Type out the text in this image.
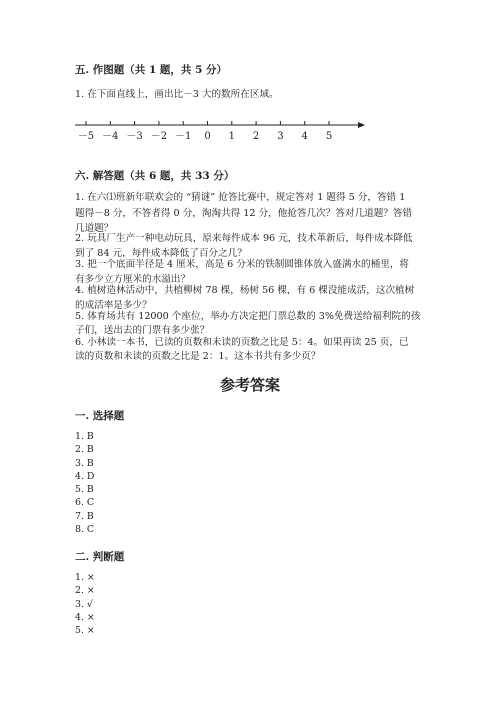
五. 作图题（共 1 题，共 5 分）

1. 在下面直线上，画出比－3 大的数所在区域。

－5 －4 －3 －2 －1 0 1 2 3 4 5

六. 解答题（共 6 题，共 33 分）

1. 在六⑴班新年联欢会的 “猜谜” 抢答比赛中，规定答对 1 题得 5 分，答错 1

题得－8 分，不答者得 0 分，淘淘共得 12 分，他抢答几次？答对几道题？答错

几道题？

2. 玩具厂生产一种电动玩具，原来每件成本 96 元，技术革新后，每件成本降低

到了 84 元，每件成本降低了百分之几？

3. 把一个底面半径是 4 厘米，高是 6 分米的铁制圆锥体放入盛满水的桶里，将

有多少立方厘米的水溢出？

4. 植树造林活动中，共植柳树 78 棵，杨树 56 棵，有 6 棵没能成活，这次植树

的成活率是多少？

5. 体育场共有 12000 个座位，举办方决定把门票总数的 3%免费送给福利院的孩

子们，送出去的门票有多少张？

6. 小林读一本书，已读的页数和未读的页数之比是 5：4。如果再读 25 页，已

读的页数和未读的页数之比是 2：1。这本书共有多少页？

参考答案

一. 选择题

1. B
2. B
3. B
4. D
5. B
6. C
7. B
8. C

二. 判断题

1. ×
2. ×
3. √
4. ×
5. ×
